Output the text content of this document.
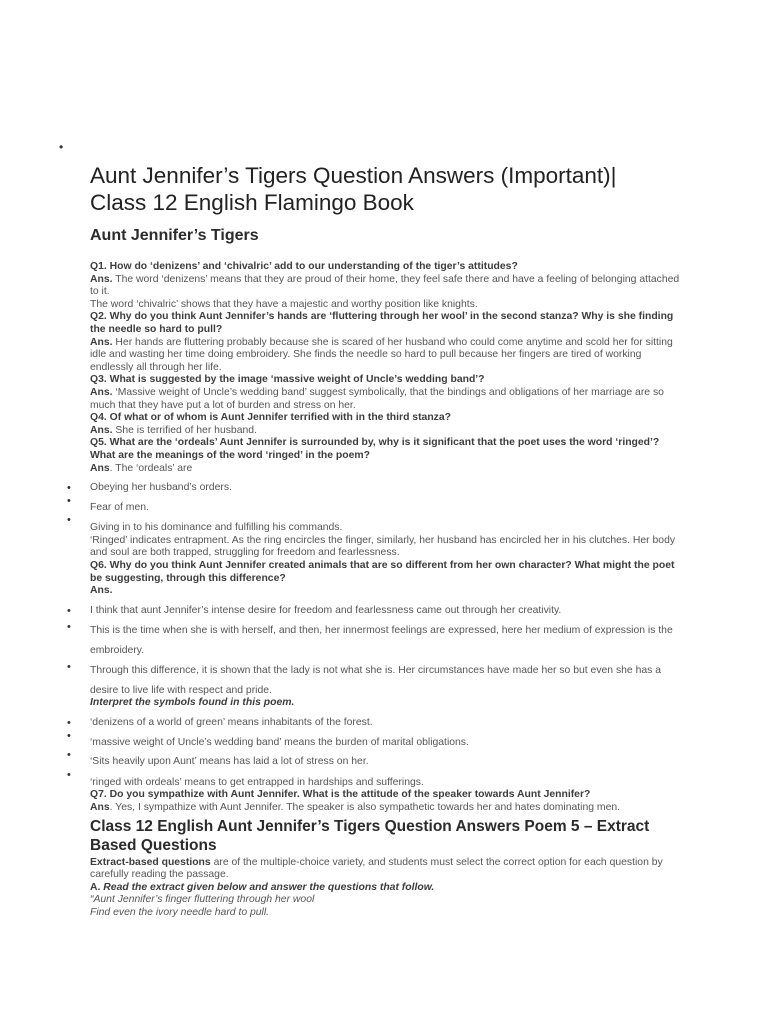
•
Aunt Jennifer’s Tigers Question Answers (Important)|
Class 12 English Flamingo Book
Aunt Jennifer’s Tigers

Q1. How do ‘denizens’ and ‘chivalric’ add to our understanding of the tiger’s attitudes?

Ans. The word ‘denizens’ means that they are proud of their home, they feel safe there and have a feeling of belonging attached to it.

The word ‘chivalric’ shows that they have a majestic and worthy position like knights.

Q2. Why do you think Aunt Jennifer’s hands are ‘fluttering through her wool’ in the second stanza? Why is she finding the needle so hard to pull?

Ans. Her hands are fluttering probably because she is scared of her husband who could come anytime and scold her for sitting idle and wasting her time doing embroidery. She finds the needle so hard to pull because her fingers are tired of working endlessly all through her life.

Q3. What is suggested by the image ‘massive weight of Uncle’s wedding band’?

Ans. ‘Massive weight of Uncle’s wedding band’ suggest symbolically, that the bindings and obligations of her marriage are so much that they have put a lot of burden and stress on her.

Q4. Of what or of whom is Aunt Jennifer terrified with in the third stanza?

Ans. She is terrified of her husband.

Q5. What are the ‘ordeals’ Aunt Jennifer is surrounded by, why is it significant that the poet uses the word ‘ringed’? What are the meanings of the word ‘ringed’ in the poem?

Ans. The ‘ordeals’ are

• Obeying her husband’s orders.
• Fear of men.
• Giving in to his dominance and fulfilling his commands.
‘Ringed’ indicates entrapment. As the ring encircles the finger, similarly, her husband has encircled her in his clutches. Her body and soul are both trapped, struggling for freedom and fearlessness.
Q6. Why do you think Aunt Jennifer created animals that are so different from her own character? What might the poet be suggesting, through this difference?
Ans.
• I think that aunt Jennifer’s intense desire for freedom and fearlessness came out through her creativity.
• This is the time when she is with herself, and then, her innermost feelings are expressed, here her medium of expression is the embroidery.
• Through this difference, it is shown that the lady is not what she is. Her circumstances have made her so but even she has a desire to live life with respect and pride.
Interpret the symbols found in this poem.
• ‘denizens of a world of green’ means inhabitants of the forest.
• ‘massive weight of Uncle’s wedding band’ means the burden of marital obligations.
• ‘Sits heavily upon Aunt’ means has laid a lot of stress on her.
• ‘ringed with ordeals’ means to get entrapped in hardships and sufferings.
Q7. Do you sympathize with Aunt Jennifer. What is the attitude of the speaker towards Aunt Jennifer?
Ans. Yes, I sympathize with Aunt Jennifer. The speaker is also sympathetic towards her and hates dominating men.
Class 12 English Aunt Jennifer’s Tigers Question Answers Poem 5 – Extract Based Questions

Extract-based questions are of the multiple-choice variety, and students must select the correct option for each question by carefully reading the passage.

A. Read the extract given below and answer the questions that follow.

“Aunt Jennifer’s finger fluttering through her wool

Find even the ivory needle hard to pull.
